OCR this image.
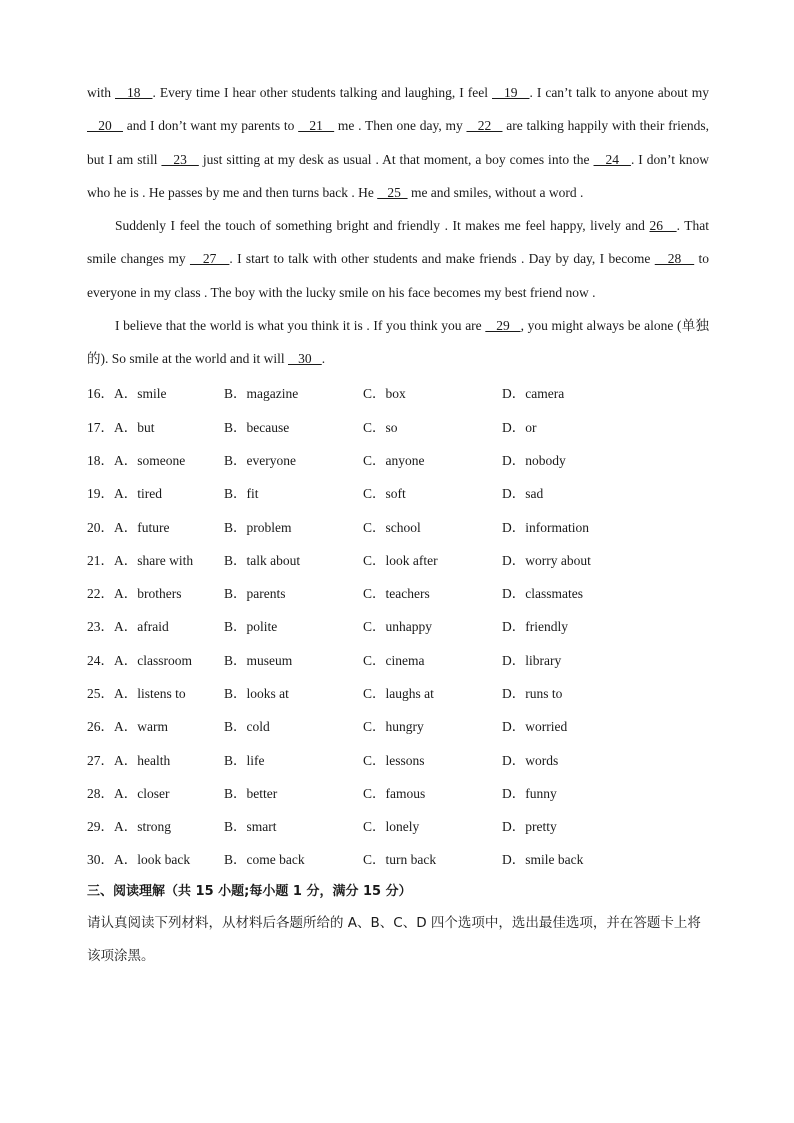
with    18   . Every time I hear other students talking and laughing, I feel    19   . I can’t talk to anyone about my    20    and I don’t want my parents to    21    me . Then one day, my    22    are talking happily with their friends, but I am still    23    just sitting at my desk as usual . At that moment, a boy comes into the    24   . I don’t know who he is . He passes by me and then turns back . He    25   me and smiles, without a word .

Suddenly I feel the touch of something bright and friendly . It makes me feel happy, lively and 26   . That smile changes my    27   . I start to talk with other students and make friends . Day by day, I become    28    to everyone in my class . The boy with the lucky smile on his face becomes my best friend now .

I believe that the world is what you think it is . If you think you are    29   , you might always be alone (单独的). So smile at the world and it will    30   .

16．A．smile	B．magazine	C．box	D．camera
17．A．but	B．because	C．so	D．or
18．A．someone	B．everyone	C．anyone	D．nobody
19．A．tired	B．fit	C．soft	D．sad
20．A．future	B．problem	C．school	D．information
21．A．share with	B．talk about	C．look after	D．worry about
22．A．brothers	B．parents	C．teachers	D．classmates
23．A．afraid	B．polite	C．unhappy	D．friendly
24．A．classroom	B．museum	C．cinema	D．library
25．A．listens to	B．looks at	C．laughs at	D．runs to
26．A．warm	B．cold	C．hungry	D．worried
27．A．health	B．life	C．lessons	D．words
28．A．closer	B．better	C．famous	D．funny
29．A．strong	B．smart	C．lonely	D．pretty
30．A．look back	B．come back	C．turn back	D．smile back
三、阅读理解（共 15 小题;每小题 1 分，满分 15 分）
请认真阅读下列材料，从材料后各题所给的 A、B、C、D 四个选项中，选出最佳选项，并在答题卡上将该项涂黑。
